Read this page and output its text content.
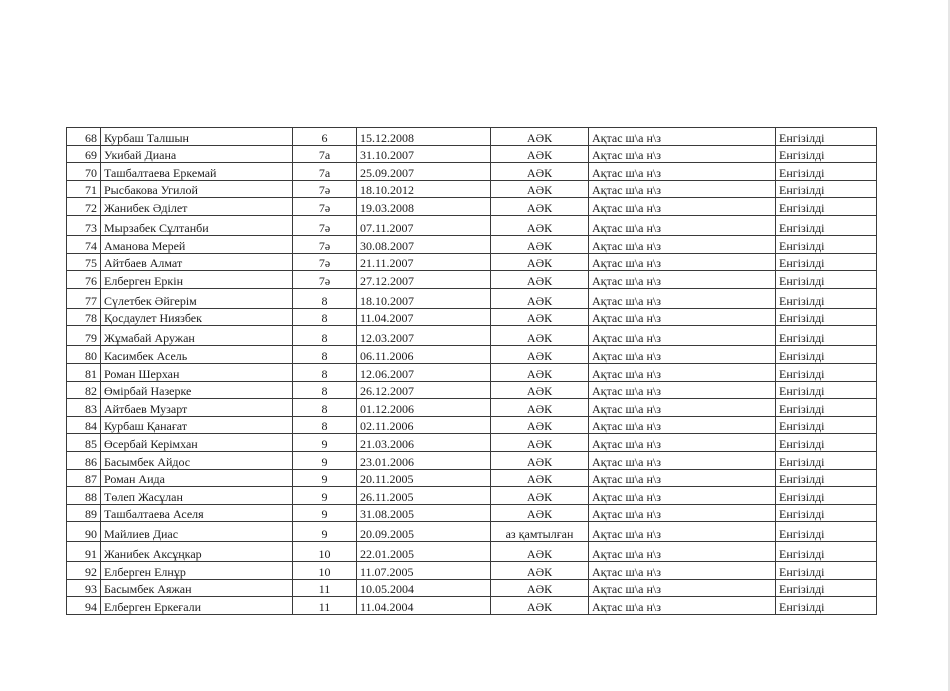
68	Курбаш Талшын	6	15.12.2008	АӘК	Ақтас ш\а н\з	Енгізілді
69	Укибай Диана	7а	31.10.2007	АӘК	Ақтас ш\а н\з	Енгізілді
70	Ташбалтаева Еркемай	7а	25.09.2007	АӘК	Ақтас ш\а н\з	Енгізілді
71	Рысбакова Угилой	7ә	18.10.2012	АӘК	Ақтас ш\а н\з	Енгізілді
72	Жанибек Әділет	7ә	19.03.2008	АӘК	Ақтас ш\а н\з	Енгізілді
73	Мырзабек Сұлтанби	7ә	07.11.2007	АӘК	Ақтас ш\а н\з	Енгізілді
74	Аманова Мерей	7ә	30.08.2007	АӘК	Ақтас ш\а н\з	Енгізілді
75	Айтбаев Алмат	7ә	21.11.2007	АӘК	Ақтас ш\а н\з	Енгізілді
76	Елберген Еркін	7ә	27.12.2007	АӘК	Ақтас ш\а н\з	Енгізілді
77	Сүлетбек Әйгерім	8	18.10.2007	АӘК	Ақтас ш\а н\з	Енгізілді
78	Қосдаулет Ниязбек	8	11.04.2007	АӘК	Ақтас ш\а н\з	Енгізілді
79	Жұмабай Аружан	8	12.03.2007	АӘК	Ақтас ш\а н\з	Енгізілді
80	Касимбек Асель	8	06.11.2006	АӘК	Ақтас ш\а н\з	Енгізілді
81	Роман Шерхан	8	12.06.2007	АӘК	Ақтас ш\а н\з	Енгізілді
82	Өмірбай Назерке	8	26.12.2007	АӘК	Ақтас ш\а н\з	Енгізілді
83	Айтбаев Музарт	8	01.12.2006	АӘК	Ақтас ш\а н\з	Енгізілді
84	Курбаш Қанағат	8	02.11.2006	АӘК	Ақтас ш\а н\з	Енгізілді
85	Өсербай Керімхан	9	21.03.2006	АӘК	Ақтас ш\а н\з	Енгізілді
86	Басымбек Айдос	9	23.01.2006	АӘК	Ақтас ш\а н\з	Енгізілді
87	Роман Аида	9	20.11.2005	АӘК	Ақтас ш\а н\з	Енгізілді
88	Төлеп Жасұлан	9	26.11.2005	АӘК	Ақтас ш\а н\з	Енгізілді
89	Ташбалтаева Аселя	9	31.08.2005	АӘК	Ақтас ш\а н\з	Енгізілді
90	Майлиев Диас	9	20.09.2005	аз қамтылған	Ақтас ш\а н\з	Енгізілді
91	Жанибек Аксұңкар	10	22.01.2005	АӘК	Ақтас ш\а н\з	Енгізілді
92	Елберген Елнұр	10	11.07.2005	АӘК	Ақтас ш\а н\з	Енгізілді
93	Басымбек Аяжан	11	10.05.2004	АӘК	Ақтас ш\а н\з	Енгізілді
94	Елберген Еркеғали	11	11.04.2004	АӘК	Ақтас ш\а н\з	Енгізілді
